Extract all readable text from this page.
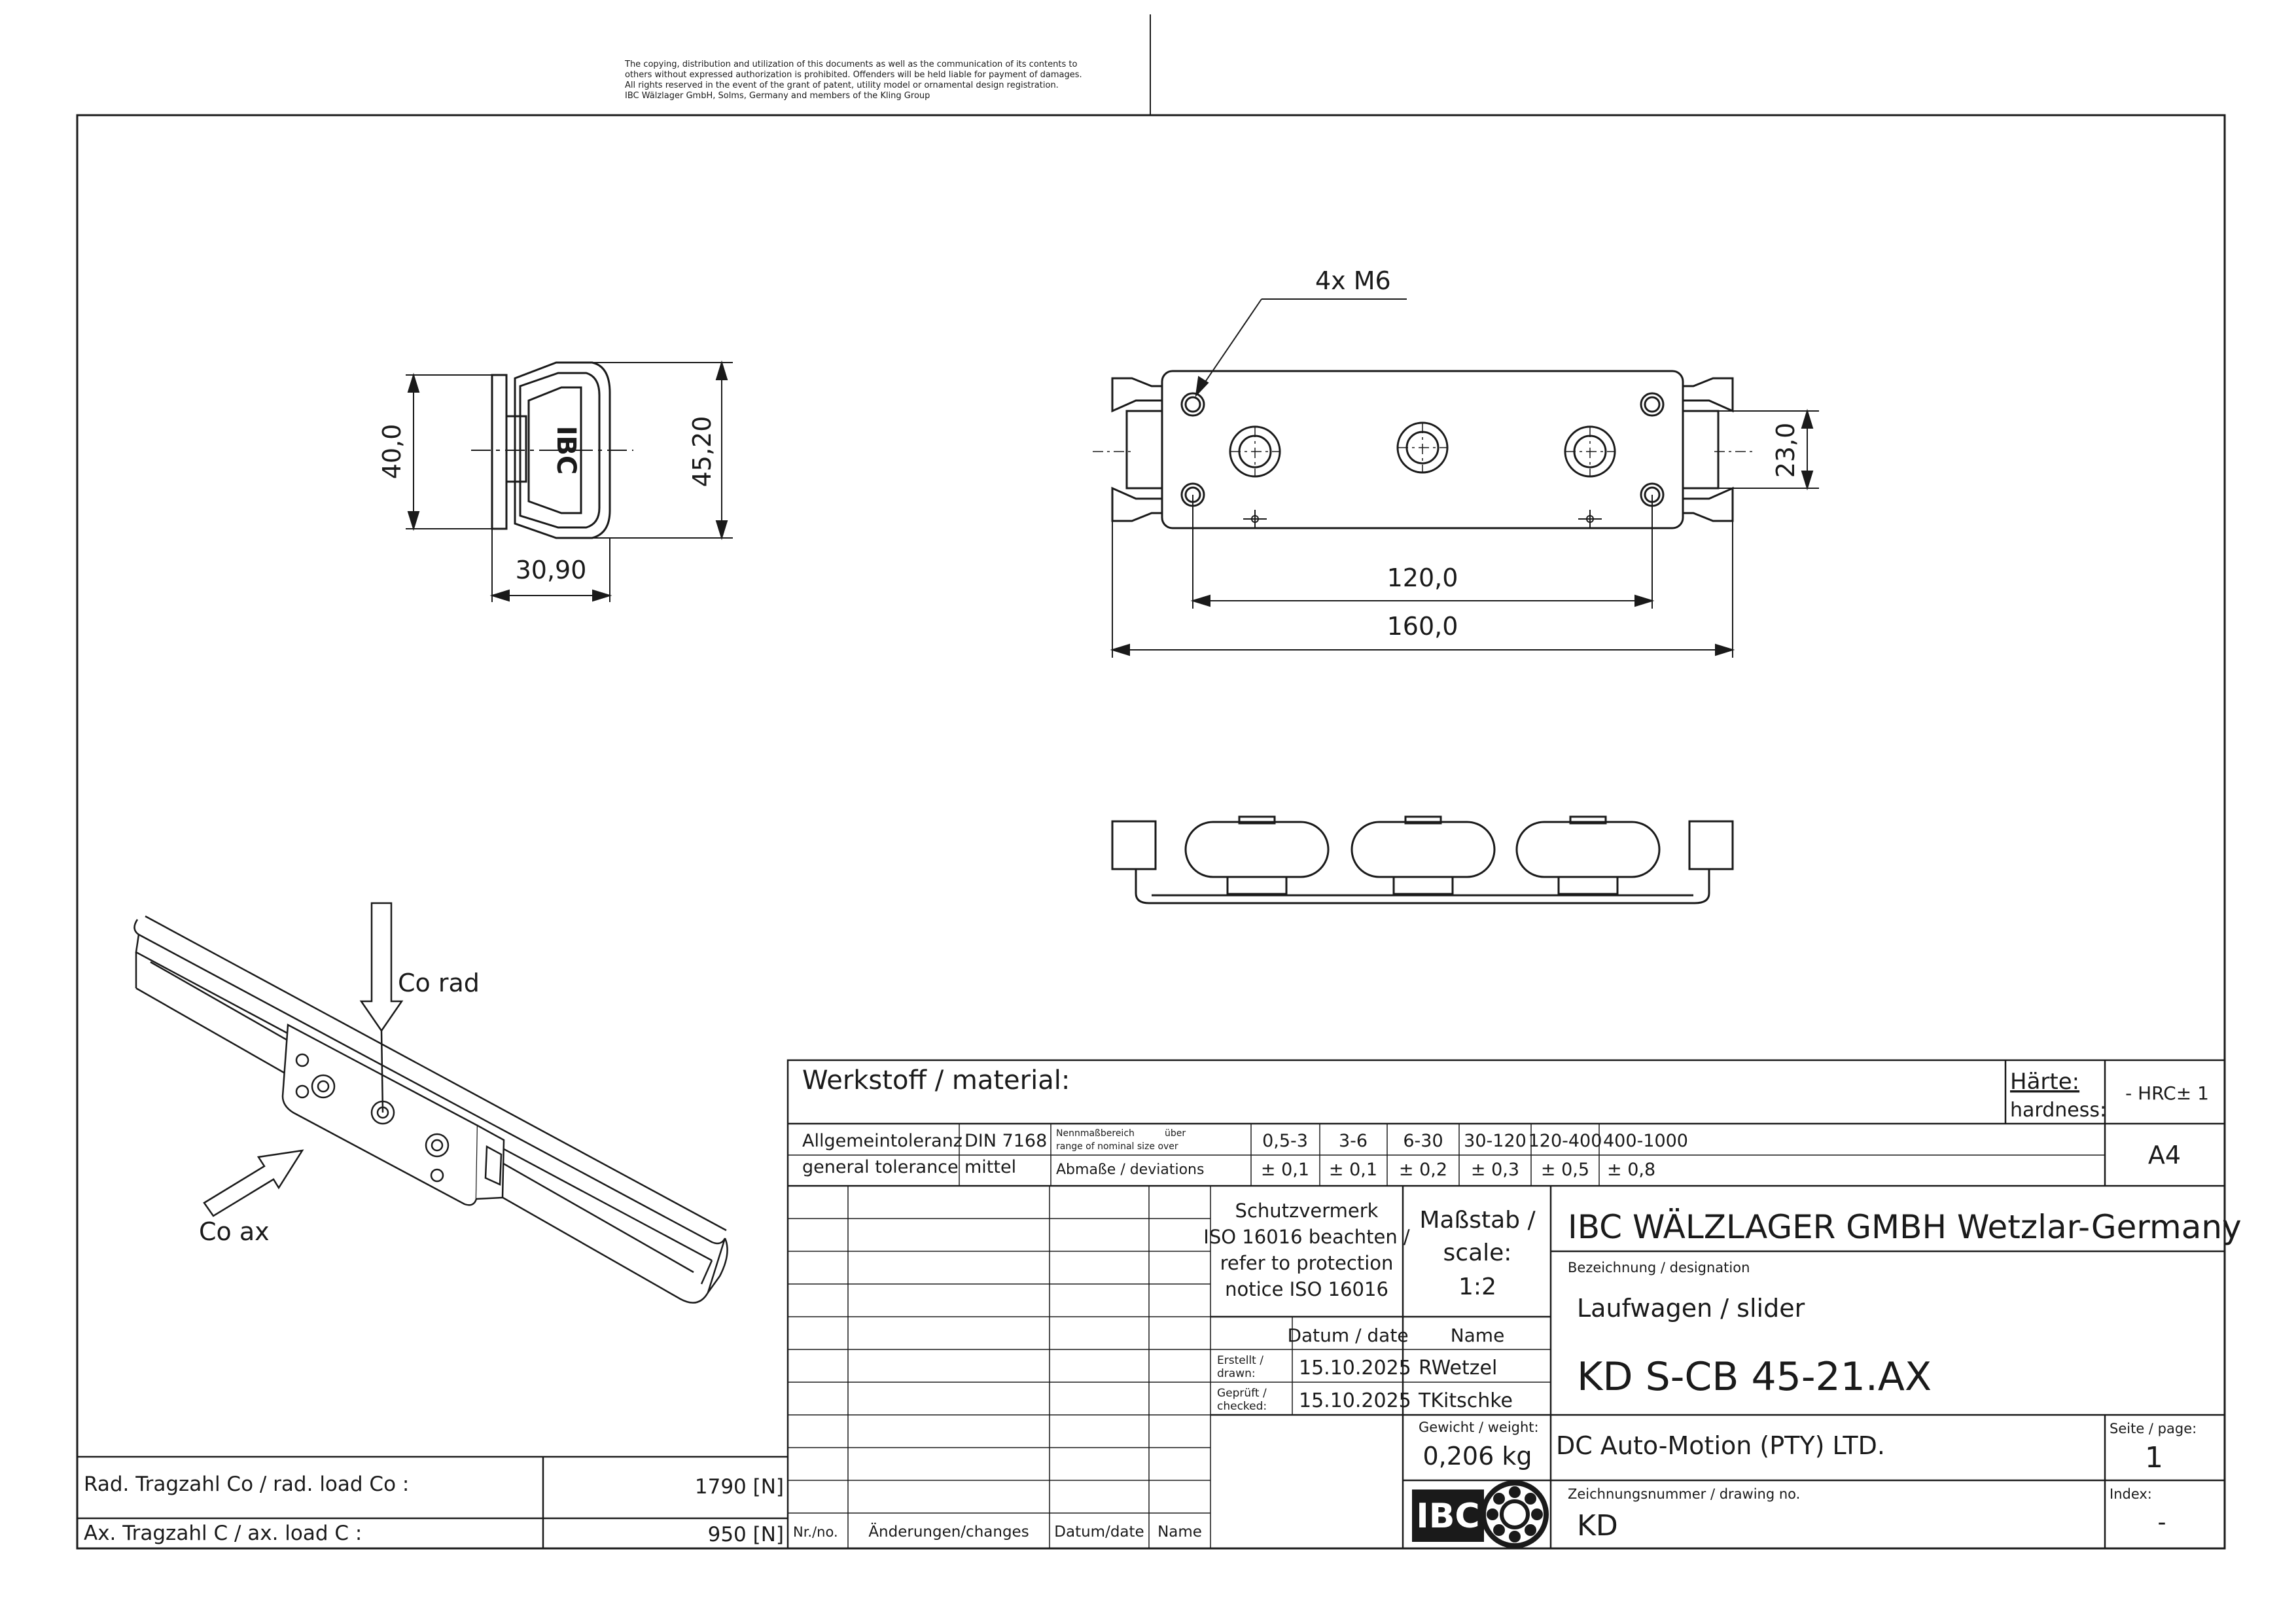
The copying, distribution and utilization of this documents as well as the communication of its contents to
others without expressed authorization is prohibited. Offenders will be held liable for payment of damages.
All rights reserved in the event of the grant of patent, utility model or ornamental design registration.
IBC Wälzlager GmbH, Solms, Germany and members of the Kling Group
IBC
40,0	45,20
30,90
4x M6
120,0
160,0
23,0
Co rad
Co ax
Rad. Tragzahl Co / rad. load Co :	1790 [N]
Ax. Tragzahl C / ax. load C :	950 [N]	IBC
Werkstoff / material:	Härte:
hardness:
- HRC± 1
A4
Allgemeintoleranz
general tolerance
DIN 7168
mittel
Nennmaßbereich	über
range of nominal size over
Abmaße / deviations
0,5-3 3-6 6-30 30-120 120-400 400-1000
± 0,1 ± 0,1 ± 0,2 ± 0,3 ± 0,5 ± 0,8
Schutzvermerk
ISO 16016 beachten /
refer to protection
notice ISO 16016
Maßstab /
scale:
1:2
IBC WÄLZLAGER GMBH Wetzlar-Germany
Bezeichnung / designation
Laufwagen / slider
KD S-CB 45-21.AX
Datum / date Name
Erstellt /
drawn: 15.10.2025 RWetzel
Geprüft /
checked: 15.10.2025 TKitschke
Gewicht / weight:
0,206 kg DC Auto-Motion (PTY) LTD.
Seite / page:
1
Zeichnungsnummer / drawing no.
KD
Index:
-
Nr./no. Änderungen/changes Datum/date Name
